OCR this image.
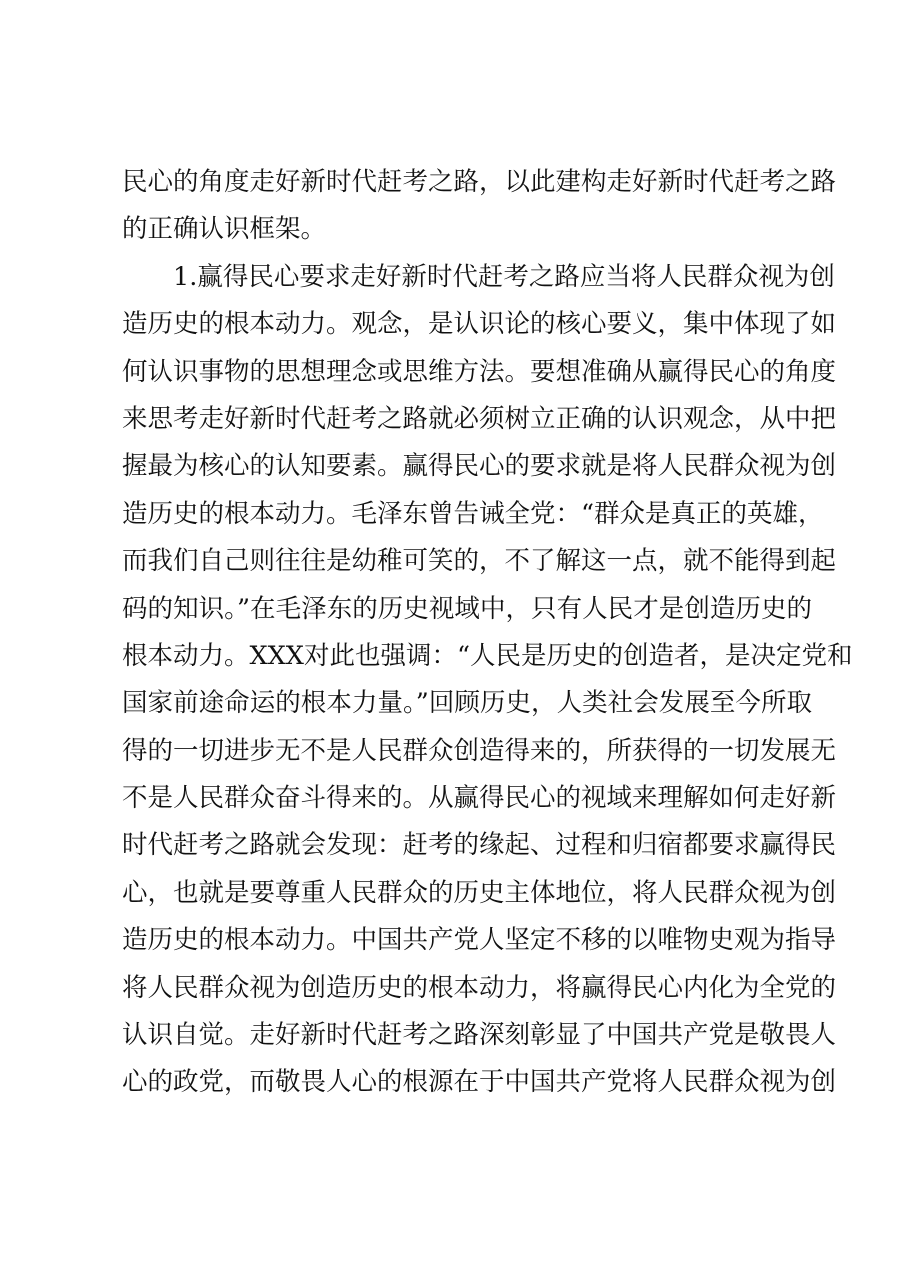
民心的角度走好新时代赶考之路，以此建构走好新时代赶考之路
的正确认识框架。
1.赢得民心要求走好新时代赶考之路应当将人民群众视为创
造历史的根本动力。观念，是认识论的核心要义，集中体现了如
何认识事物的思想理念或思维方法。要想准确从赢得民心的角度
来思考走好新时代赶考之路就必须树立正确的认识观念，从中把
握最为核心的认知要素。赢得民心的要求就是将人民群众视为创
造历史的根本动力。毛泽东曾告诫全党：“群众是真正的英雄，
而我们自己则往往是幼稚可笑的，不了解这一点，就不能得到起
码的知识。”在毛泽东的历史视域中，只有人民才是创造历史的
根本动力。XXX对此也强调：“人民是历史的创造者，是决定党和
国家前途命运的根本力量。”回顾历史，人类社会发展至今所取
得的一切进步无不是人民群众创造得来的，所获得的一切发展无
不是人民群众奋斗得来的。从赢得民心的视域来理解如何走好新
时代赶考之路就会发现：赶考的缘起、过程和归宿都要求赢得民
心，也就是要尊重人民群众的历史主体地位，将人民群众视为创
造历史的根本动力。中国共产党人坚定不移的以唯物史观为指导
将人民群众视为创造历史的根本动力，将赢得民心内化为全党的
认识自觉。走好新时代赶考之路深刻彰显了中国共产党是敬畏人
心的政党，而敬畏人心的根源在于中国共产党将人民群众视为创
